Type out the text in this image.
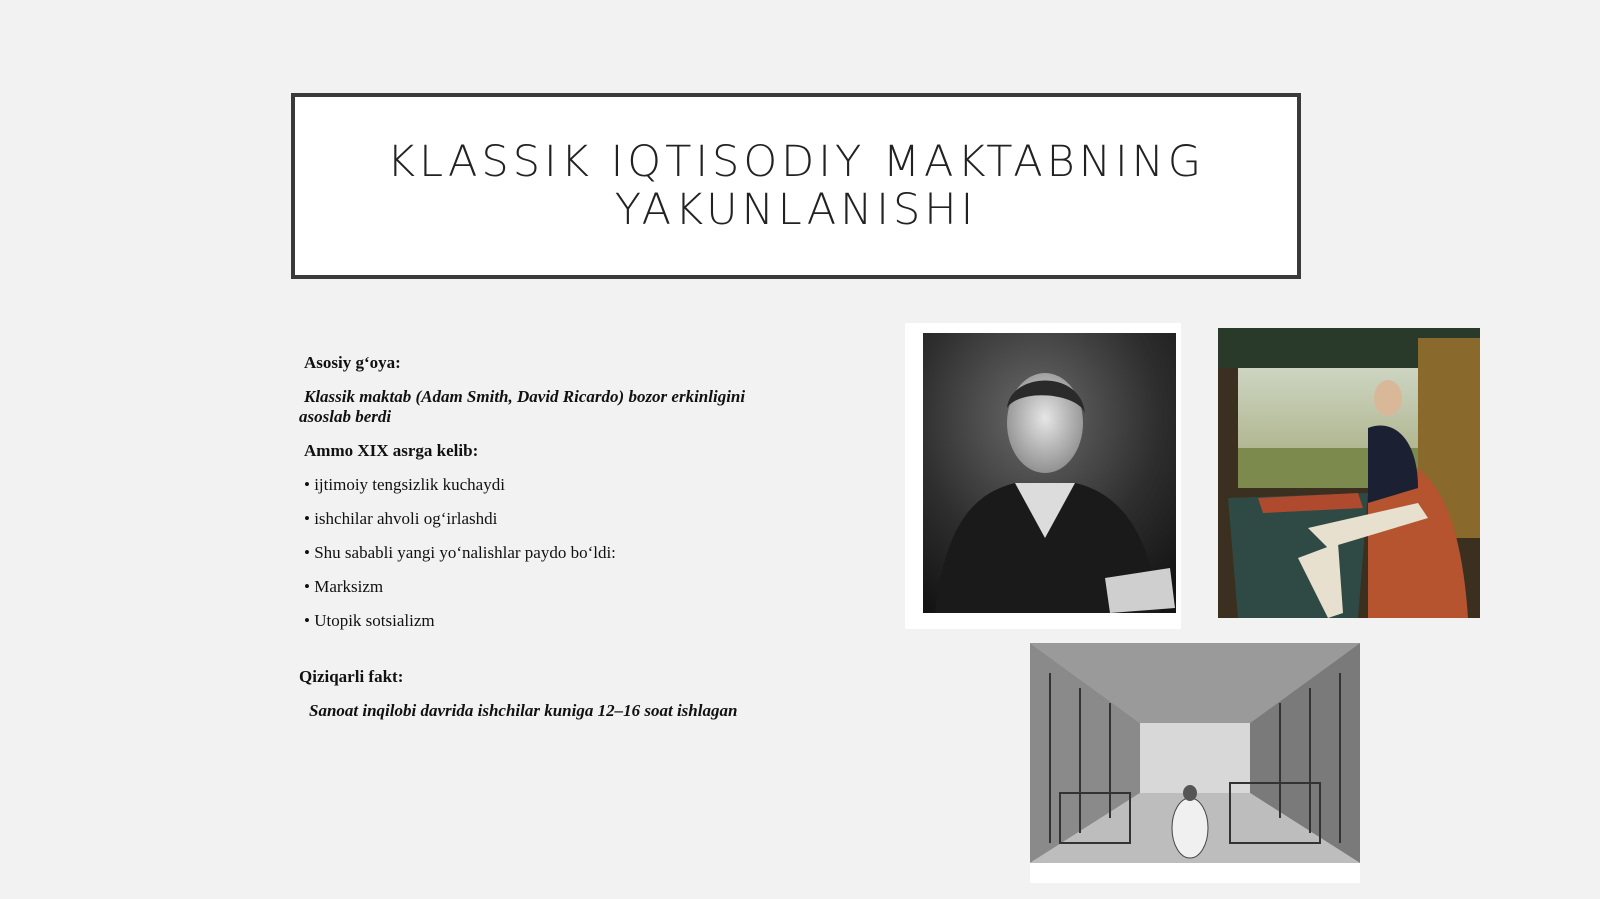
KLASSIK IQTISODIY MAKTABNING
YAKUNLANISHI

Asosiy g‘oya:

Klassik maktab (Adam Smith, David Ricardo) bozor erkinligini
asoslab berdi

Ammo XIX asrga kelib:

• ijtimoiy tengsizlik kuchaydi

• ishchilar ahvoli og‘irlashdi

• Shu sababli yangi yo‘nalishlar paydo bo‘ldi:

• Marksizm

• Utopik sotsializm

Qiziqarli fakt:

Sanoat inqilobi davrida ishchilar kuniga 12–16 soat ishlagan
